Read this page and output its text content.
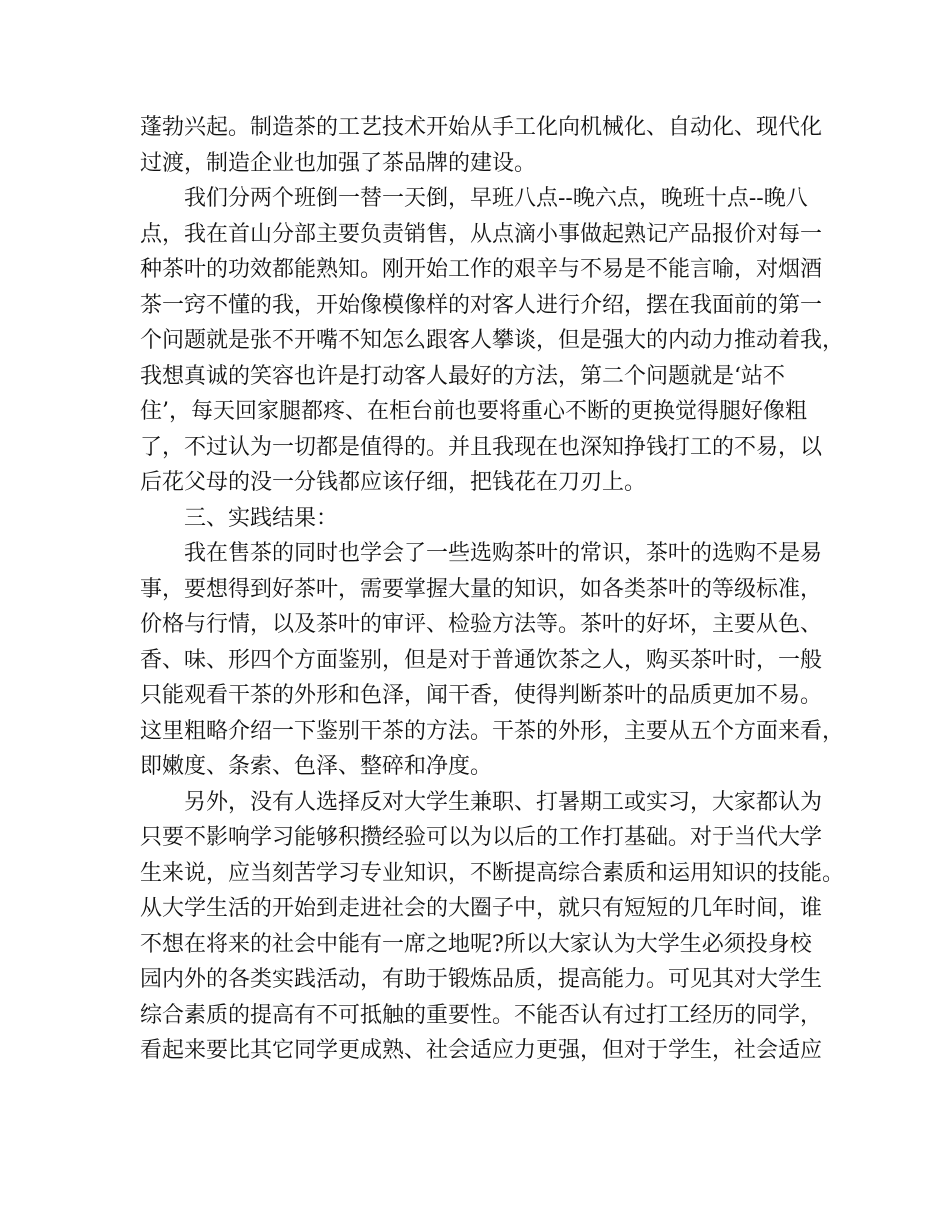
蓬勃兴起。制造茶的工艺技术开始从手工化向机械化、自动化、现代化
过渡，制造企业也加强了茶品牌的建设。
我们分两个班倒一替一天倒，早班八点--晚六点，晚班十点--晚八
点，我在首山分部主要负责销售，从点滴小事做起熟记产品报价对每一
种茶叶的功效都能熟知。刚开始工作的艰辛与不易是不能言喻，对烟酒
茶一窍不懂的我，开始像模像样的对客人进行介绍，摆在我面前的第一
个问题就是张不开嘴不知怎么跟客人攀谈，但是强大的内动力推动着我，
我想真诚的笑容也许是打动客人最好的方法，第二个问题就是‘站不
住’，每天回家腿都疼、在柜台前也要将重心不断的更换觉得腿好像粗
了，不过认为一切都是值得的。并且我现在也深知挣钱打工的不易，以
后花父母的没一分钱都应该仔细，把钱花在刀刃上。
三、实践结果：
我在售茶的同时也学会了一些选购茶叶的常识，茶叶的选购不是易
事，要想得到好茶叶，需要掌握大量的知识，如各类茶叶的等级标准，
价格与行情，以及茶叶的审评、检验方法等。茶叶的好坏，主要从色、
香、味、形四个方面鉴别，但是对于普通饮茶之人，购买茶叶时，一般
只能观看干茶的外形和色泽，闻干香，使得判断茶叶的品质更加不易。
这里粗略介绍一下鉴别干茶的方法。干茶的外形，主要从五个方面来看，
即嫩度、条索、色泽、整碎和净度。
另外，没有人选择反对大学生兼职、打暑期工或实习，大家都认为
只要不影响学习能够积攒经验可以为以后的工作打基础。对于当代大学
生来说，应当刻苦学习专业知识，不断提高综合素质和运用知识的技能。
从大学生活的开始到走进社会的大圈子中，就只有短短的几年时间，谁
不想在将来的社会中能有一席之地呢?所以大家认为大学生必须投身校
园内外的各类实践活动，有助于锻炼品质，提高能力。可见其对大学生
综合素质的提高有不可抵触的重要性。不能否认有过打工经历的同学，
看起来要比其它同学更成熟、社会适应力更强，但对于学生，社会适应
